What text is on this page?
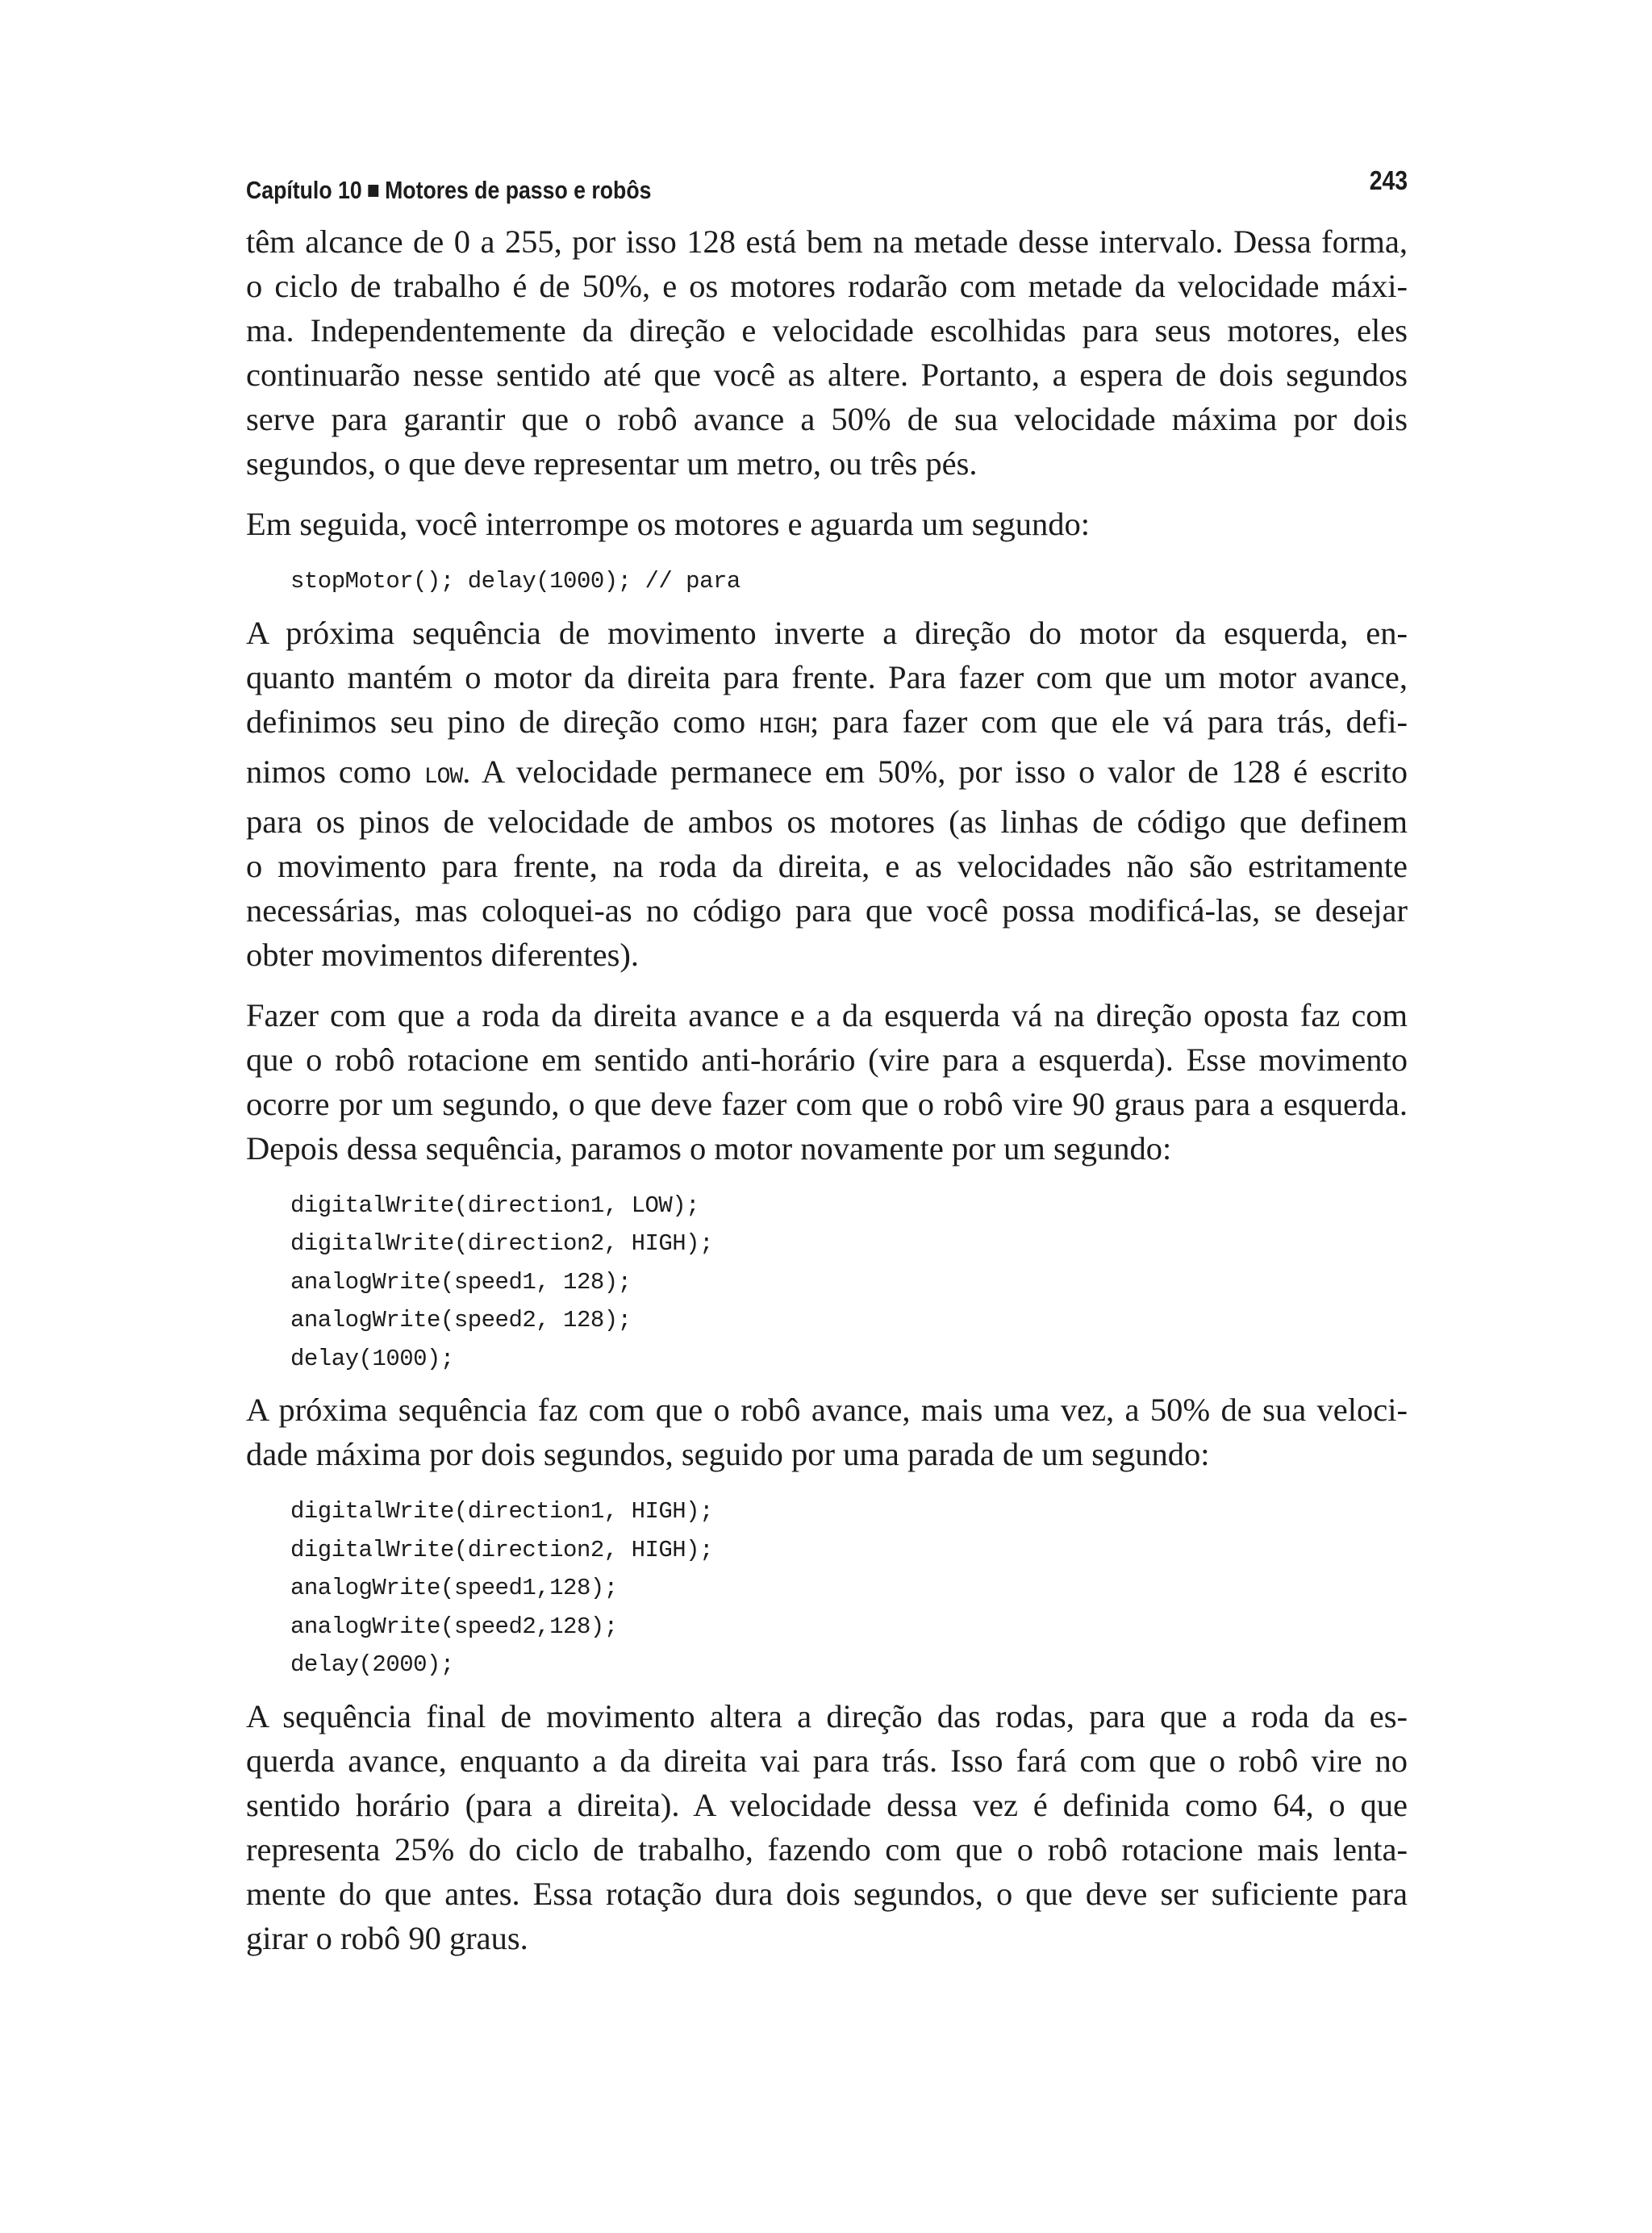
Capítulo 10 Motores de passo e robôs	243

têm alcance de 0 a 255, por isso 128 está bem na metade desse intervalo. Dessa forma,
o ciclo de trabalho é de 50%, e os motores rodarão com metade da velocidade máxi-
ma. Independentemente da direção e velocidade escolhidas para seus motores, eles
continuarão nesse sentido até que você as altere. Portanto, a espera de dois segundos
serve para garantir que o robô avance a 50% de sua velocidade máxima por dois
segundos, o que deve representar um metro, ou três pés.

Em seguida, você interrompe os motores e aguarda um segundo:

stopMotor(); delay(1000); // para

A próxima sequência de movimento inverte a direção do motor da esquerda, en-
quanto mantém o motor da direita para frente. Para fazer com que um motor avance,
definimos seu pino de direção como HIGH; para fazer com que ele vá para trás, defi-
nimos como LOW. A velocidade permanece em 50%, por isso o valor de 128 é escrito
para os pinos de velocidade de ambos os motores (as linhas de código que definem
o movimento para frente, na roda da direita, e as velocidades não são estritamente
necessárias, mas coloquei-as no código para que você possa modificá-las, se desejar
obter movimentos diferentes).

Fazer com que a roda da direita avance e a da esquerda vá na direção oposta faz com
que o robô rotacione em sentido anti-horário (vire para a esquerda). Esse movimento
ocorre por um segundo, o que deve fazer com que o robô vire 90 graus para a esquerda.
Depois dessa sequência, paramos o motor novamente por um segundo:

digitalWrite(direction1, LOW);
digitalWrite(direction2, HIGH);
analogWrite(speed1, 128);
analogWrite(speed2, 128);
delay(1000);

A próxima sequência faz com que o robô avance, mais uma vez, a 50% de sua veloci-
dade máxima por dois segundos, seguido por uma parada de um segundo:

digitalWrite(direction1, HIGH);
digitalWrite(direction2, HIGH);
analogWrite(speed1,128);
analogWrite(speed2,128);
delay(2000);

A sequência final de movimento altera a direção das rodas, para que a roda da es-
querda avance, enquanto a da direita vai para trás. Isso fará com que o robô vire no
sentido horário (para a direita). A velocidade dessa vez é definida como 64, o que
representa 25% do ciclo de trabalho, fazendo com que o robô rotacione mais lenta-
mente do que antes. Essa rotação dura dois segundos, o que deve ser suficiente para
girar o robô 90 graus.
